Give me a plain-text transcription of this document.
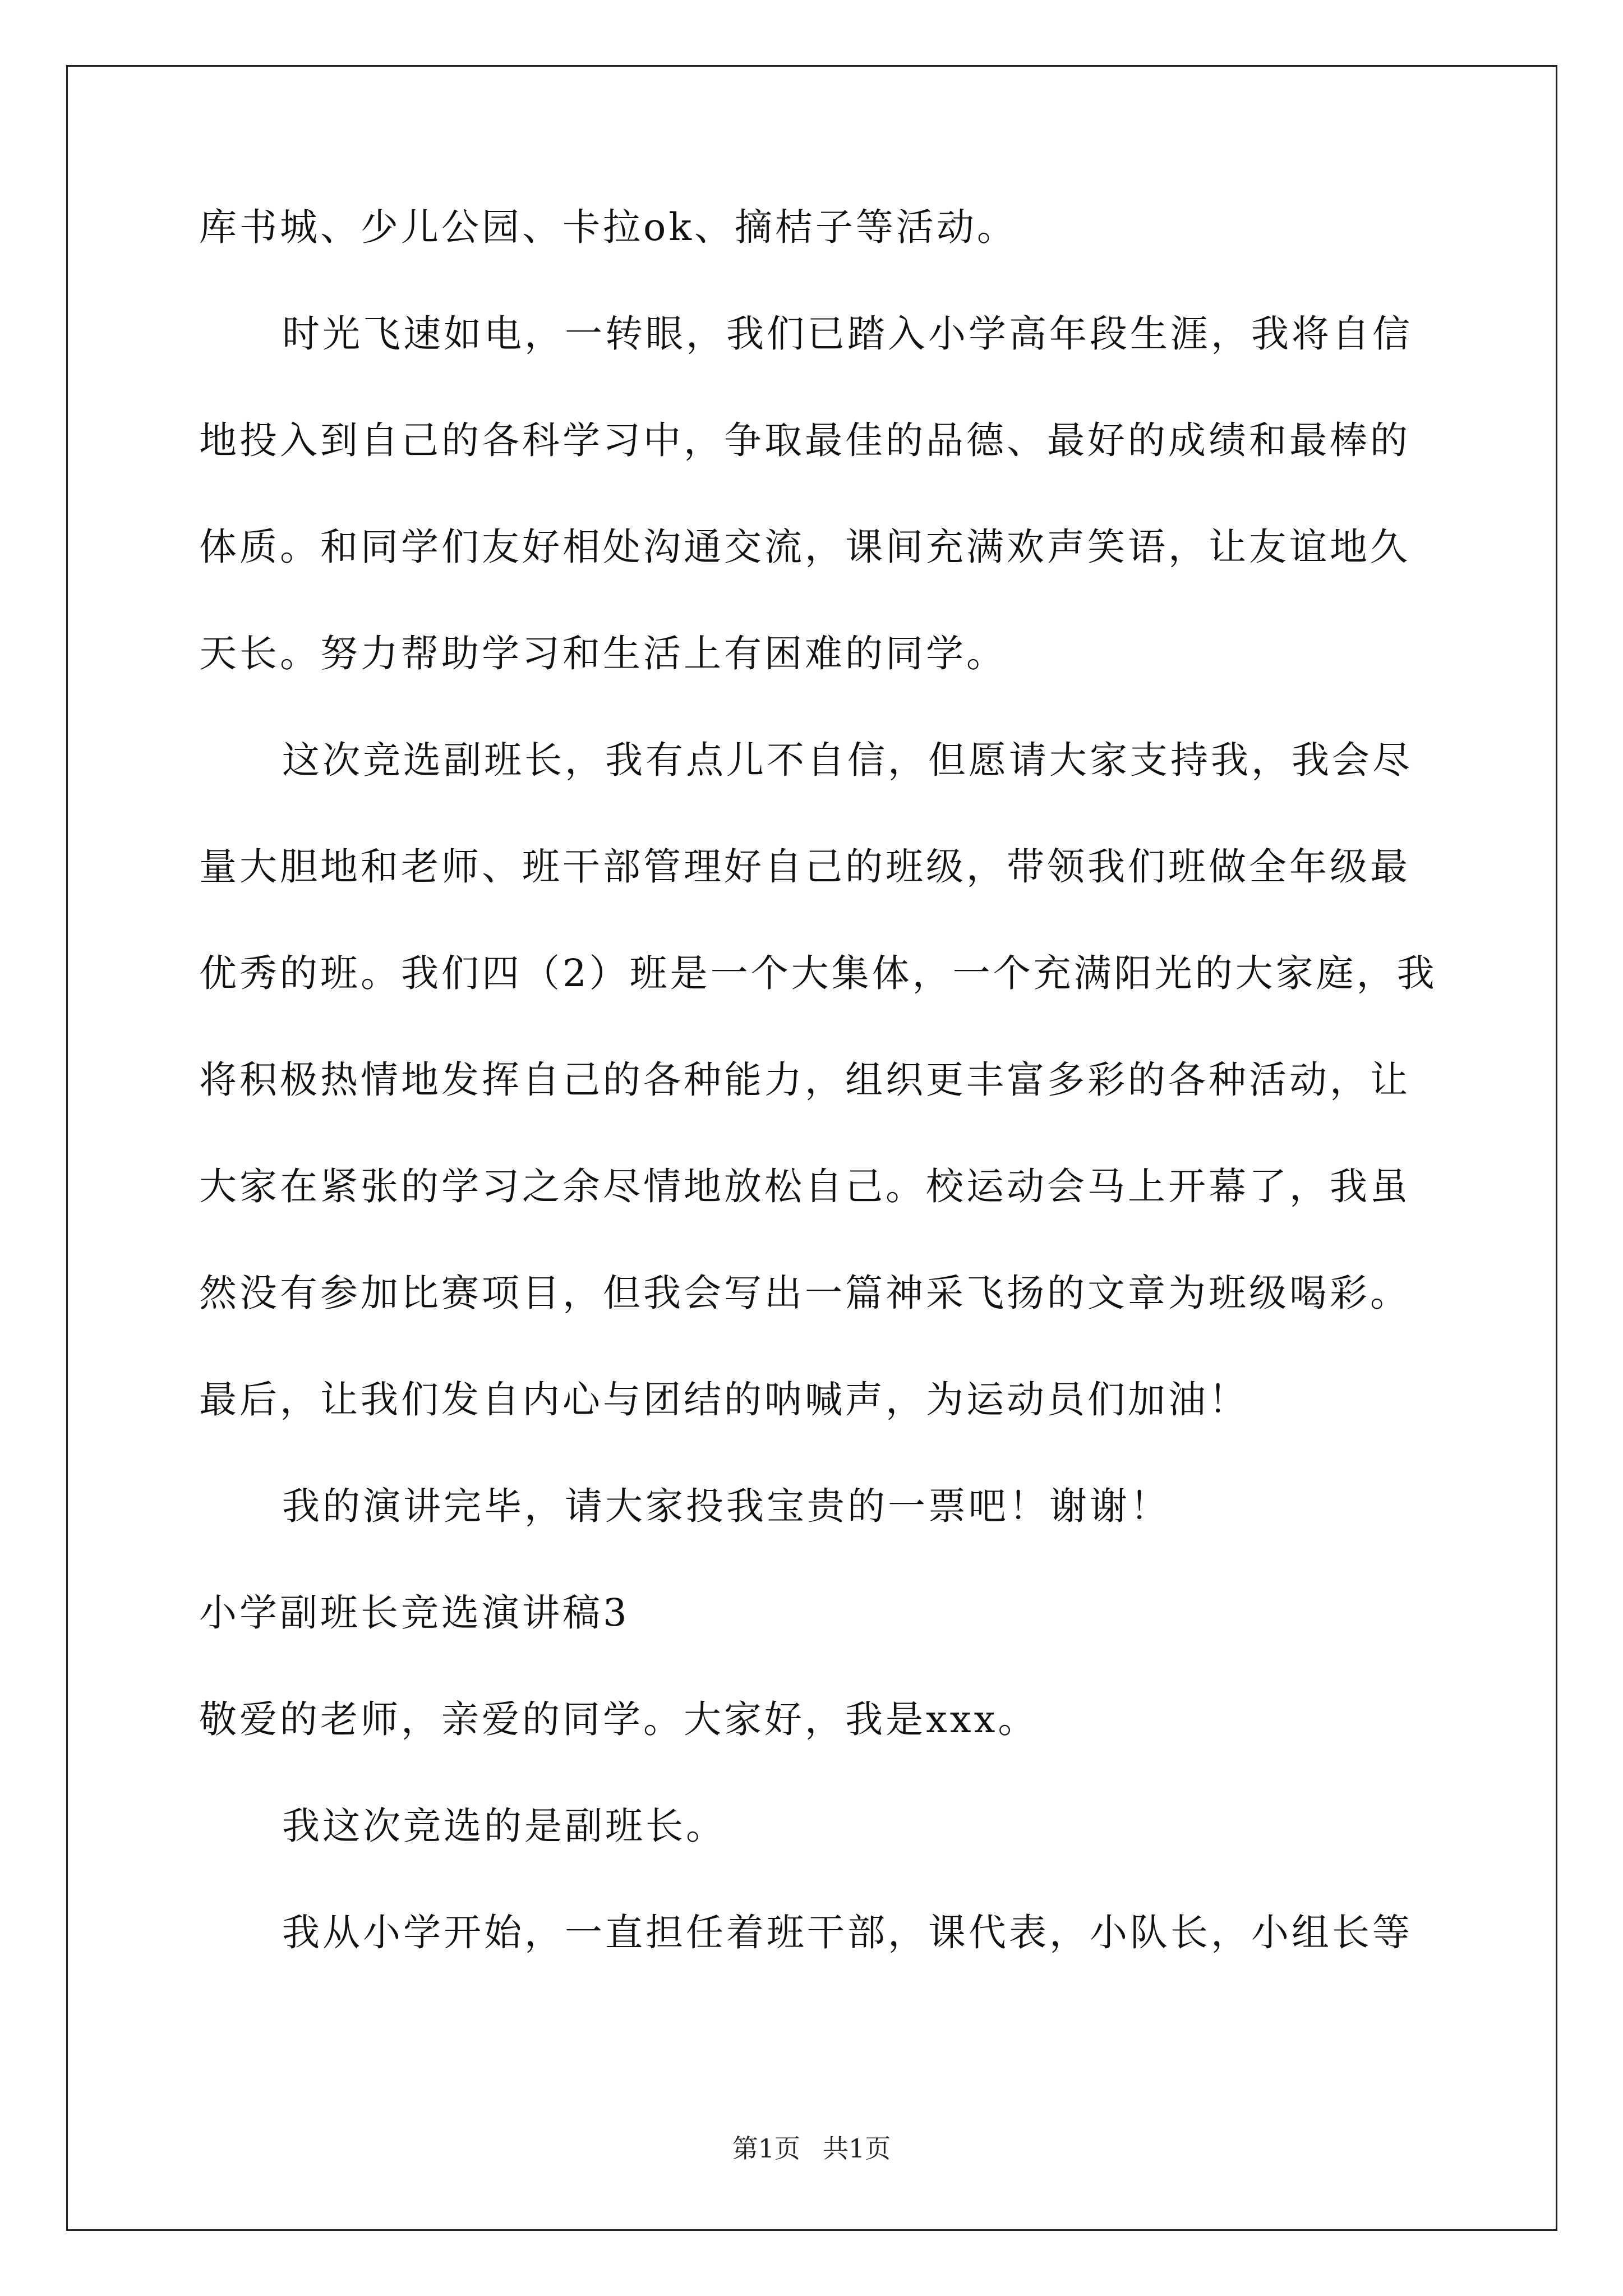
库书城、少儿公园、卡拉ok、摘桔子等活动。
时光飞速如电，一转眼，我们已踏入小学高年段生涯，我将自信
地投入到自己的各科学习中，争取最佳的品德、最好的成绩和最棒的
体质。和同学们友好相处沟通交流，课间充满欢声笑语，让友谊地久
天长。努力帮助学习和生活上有困难的同学。
这次竞选副班长，我有点儿不自信，但愿请大家支持我，我会尽
量大胆地和老师、班干部管理好自己的班级，带领我们班做全年级最
优秀的班。我们四（2）班是一个大集体，一个充满阳光的大家庭，我
将积极热情地发挥自己的各种能力，组织更丰富多彩的各种活动，让
大家在紧张的学习之余尽情地放松自己。校运动会马上开幕了，我虽
然没有参加比赛项目，但我会写出一篇神采飞扬的文章为班级喝彩。
最后，让我们发自内心与团结的呐喊声，为运动员们加油！
我的演讲完毕，请大家投我宝贵的一票吧！谢谢！
小学副班长竞选演讲稿3
敬爱的老师，亲爱的同学。大家好，我是xxx。
我这次竞选的是副班长。
我从小学开始，一直担任着班干部，课代表，小队长，小组长等
第1页 共1页
